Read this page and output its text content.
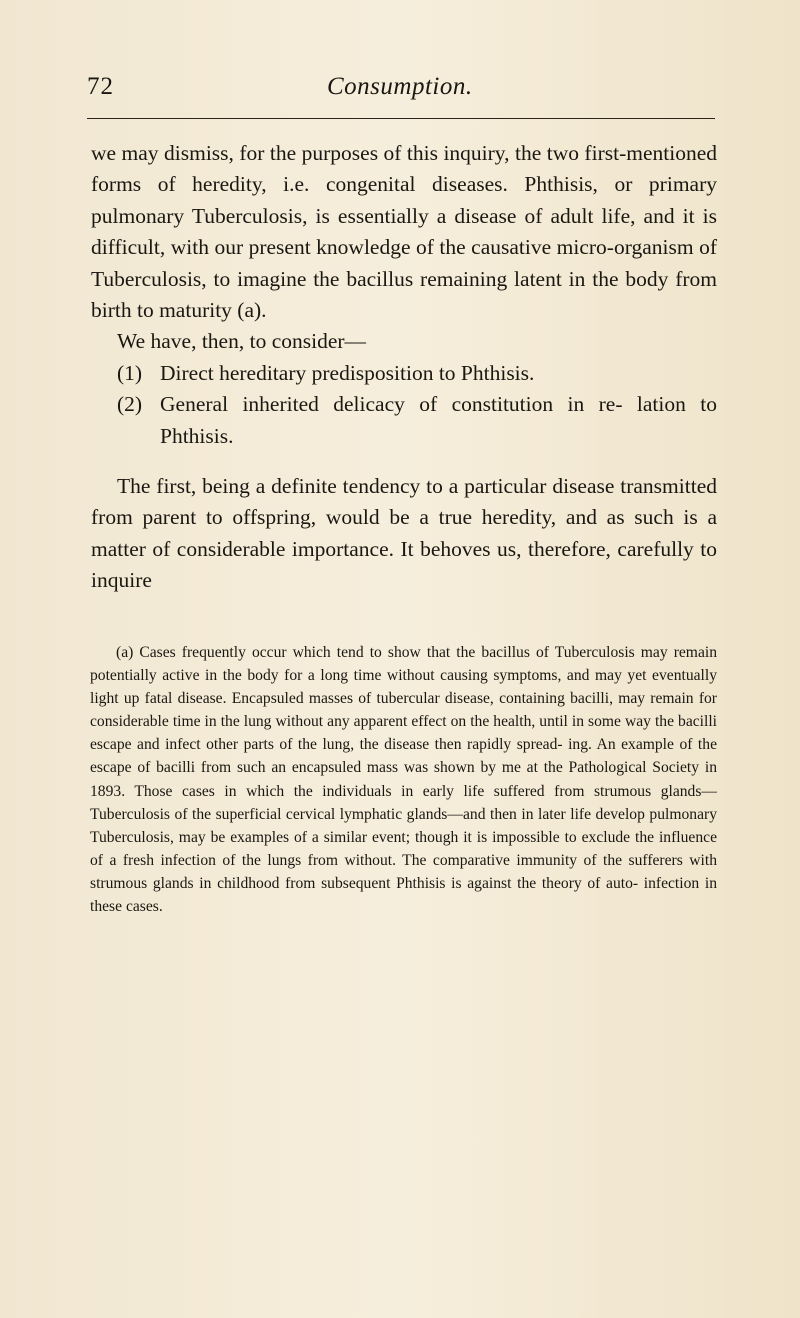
72	Consumption.

we may dismiss, for the purposes of this inquiry, the two first-mentioned forms of heredity, i.e. congenital diseases. Phthisis, or primary pulmonary Tuberculosis, is essentially a disease of adult life, and it is difficult, with our present knowledge of the causative micro-organism of Tuberculosis, to imagine the bacillus remaining latent in the body from birth to maturity (a).

We have, then, to consider—

(1) Direct hereditary predisposition to Phthisis.
(2) General inherited delicacy of constitution in re- lation to Phthisis.

The first, being a definite tendency to a particular disease transmitted from parent to offspring, would be a true heredity, and as such is a matter of considerable importance. It behoves us, therefore, carefully to inquire

(a) Cases frequently occur which tend to show that the bacillus of Tuberculosis may remain potentially active in the body for a long time without causing symptoms, and may yet eventually light up fatal disease. Encapsuled masses of tubercular disease, containing bacilli, may remain for considerable time in the lung without any apparent effect on the health, until in some way the bacilli escape and infect other parts of the lung, the disease then rapidly spread- ing. An example of the escape of bacilli from such an encapsuled mass was shown by me at the Pathological Society in 1893. Those cases in which the individuals in early life suffered from strumous glands—Tuberculosis of the superficial cervical lymphatic glands—and then in later life develop pulmonary Tuberculosis, may be examples of a similar event; though it is impossible to exclude the influence of a fresh infection of the lungs from without. The comparative immunity of the sufferers with strumous glands in childhood from subsequent Phthisis is against the theory of auto- infection in these cases.
